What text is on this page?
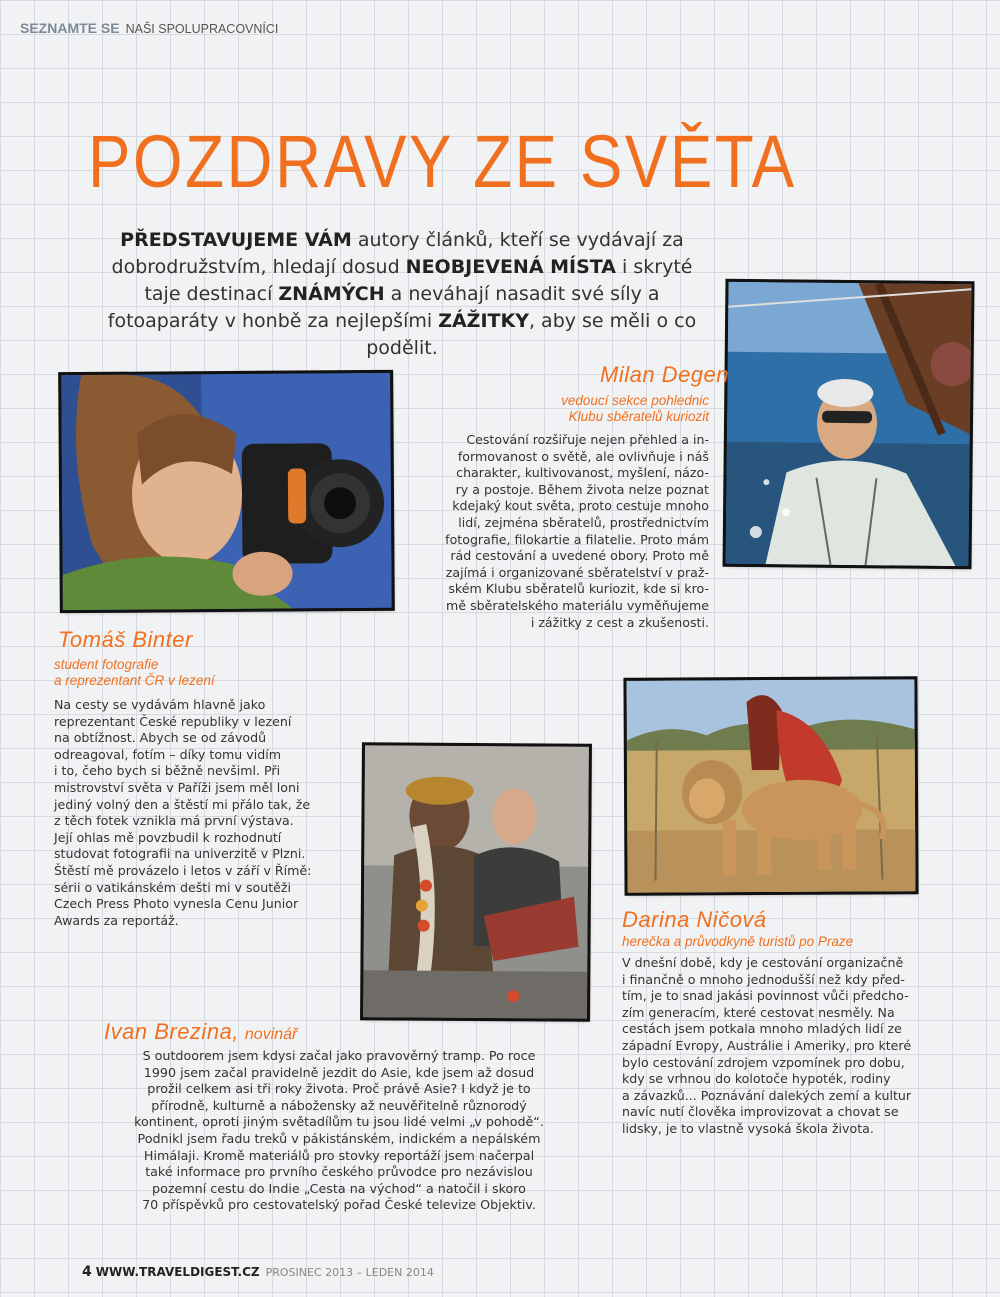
SEZNAMTE SE NAŠI SPOLUPRACOVNÍCI
POZDRAVY ZE SVĚTA
PŘEDSTAVUJEME VÁM autory článků, kteří se vydávají za dobrodružstvím, hledají dosud NEOBJEVENÁ MÍSTA i skryté taje destinací ZNÁMÝCH a neváhají nasadit své síly a fotoaparáty v honbě za nejlepšími ZÁŽITKY, aby se měli o co podělit.
Milan Degen
vedoucí sekce pohlednic
Klubu sběratelů kuriozit
Cestování rozšiřuje nejen přehled a in-
formovanost o světě, ale ovlivňuje i náš
charakter, kultivovanost, myšlení, názo-
ry a postoje. Během života nelze poznat
kdejaký kout světa, proto cestuje mnoho
lidí, zejména sběratelů, prostřednictvím
fotografie, filokartie a filatelie. Proto mám
rád cestování a uvedené obory. Proto mě
zajímá i organizované sběratelství v praž-
ském Klubu sběratelů kuriozit, kde si kro-
mě sběratelského materiálu vyměňujeme
i zážitky z cest a zkušenosti.
Tomáš Binter
student fotografie
a reprezentant ČR v lezení
Na cesty se vydávám hlavně jako
reprezentant České republiky v lezení
na obtížnost. Abych se od závodů
odreagoval, fotím – díky tomu vidím
i to, čeho bych si běžně nevšiml. Při
mistrovství světa v Paříži jsem měl loni
jediný volný den a štěstí mi přálo tak, že
z těch fotek vznikla má první výstava.
Její ohlas mě povzbudil k rozhodnutí
studovat fotografii na univerzitě v Plzni.
Štěstí mě provázelo i letos v září v Římě:
sérii o vatikánském dešti mi v soutěži
Czech Press Photo vynesla Cenu Junior
Awards za reportáž.
Ivan Brezina, novinář
S outdoorem jsem kdysi začal jako pravověrný tramp. Po roce
1990 jsem začal pravidelně jezdit do Asie, kde jsem až dosud
prožil celkem asi tři roky života. Proč právě Asie? I když je to
přírodně, kulturně a nábožensky až neuvěřitelně různorodý
kontinent, oproti jiným světadílům tu jsou lidé velmi „v pohodě“.
Podnikl jsem řadu treků v pákistánském, indickém a nepálském
Himálaji. Kromě materiálů pro stovky reportáží jsem načerpal
také informace pro prvního českého průvodce pro nezávislou
pozemní cestu do Indie „Cesta na východ“ a natočil i skoro
70 příspěvků pro cestovatelský pořad České televize Objektiv.
Darina Ničová
herečka a průvodkyně turistů po Praze
V dnešní době, kdy je cestování organizačně
i finančně o mnoho jednodušší než kdy před-
tím, je to snad jakási povinnost vůči předcho-
zím generacím, které cestovat nesměly. Na
cestách jsem potkala mnoho mladých lidí ze
západní Evropy, Austrálie i Ameriky, pro které
bylo cestování zdrojem vzpomínek pro dobu,
kdy se vrhnou do kolotoče hypoték, rodiny
a závazků... Poznávání dalekých zemí a kultur
navíc nutí člověka improvizovat a chovat se
lidsky, je to vlastně vysoká škola života.
4 WWW.TRAVELDIGEST.CZ PROSINEC 2013 – LEDEN 2014
